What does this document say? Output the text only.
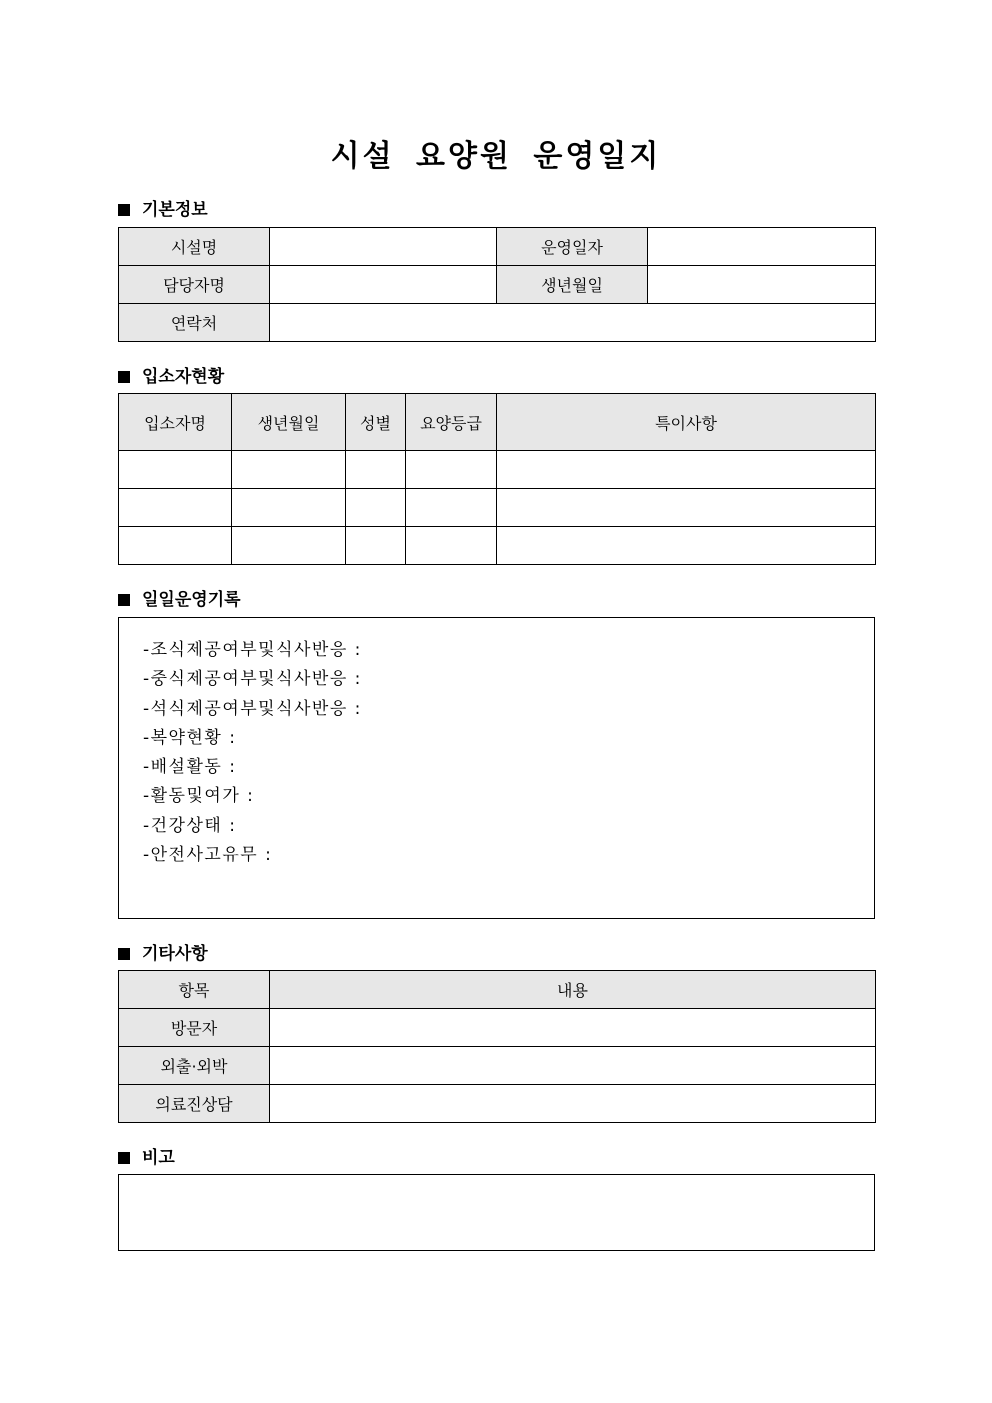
시설 요양원 운영일지
기본정보
시설명		운영일자	
담당자명		생년월일	
연락처			
입소자현황
입소자명	생년월일	성별	요양등급	특이사항

일일운영기록
-조식제공여부및식사반응 :
-중식제공여부및식사반응 :
-석식제공여부및식사반응 :
-복약현황 :
-배설활동 :
-활동및여가 :
-건강상태 :
-안전사고유무 :
기타사항
항목	내용
방문자	
외출·외박	
의료진상담	
비고
